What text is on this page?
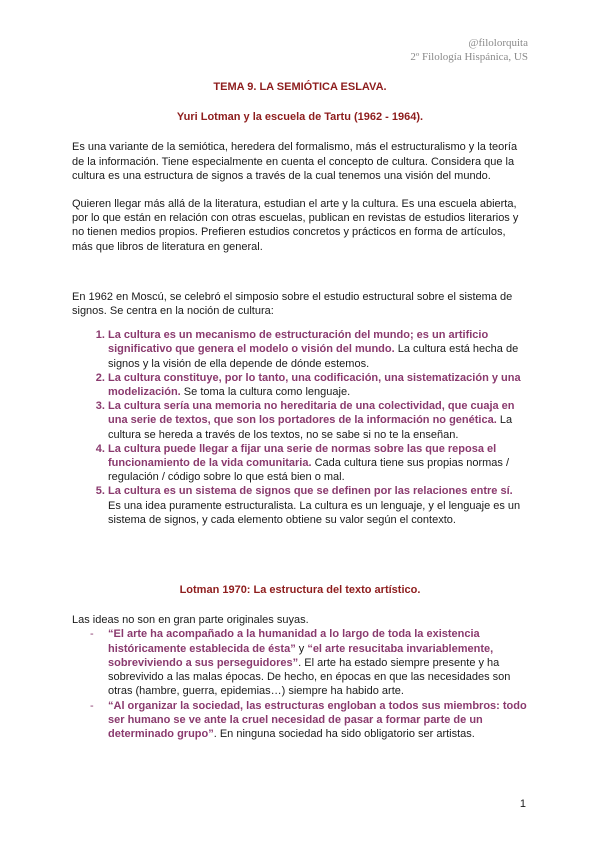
@filolorquita
2º Filología Hispánica, US
TEMA 9. LA SEMIÓTICA ESLAVA.
Yuri Lotman y la escuela de Tartu (1962 - 1964).

Es una variante de la semiótica, heredera del formalismo, más el estructuralismo y la teoría de la información. Tiene especialmente en cuenta el concepto de cultura. Considera que la cultura es una estructura de signos a través de la cual tenemos una visión del mundo.

Quieren llegar más allá de la literatura, estudian el arte y la cultura. Es una escuela abierta, por lo que están en relación con otras escuelas, publican en revistas de estudios literarios y no tienen medios propios. Prefieren estudios concretos y prácticos en forma de artículos, más que libros de literatura en general.

En 1962 en Moscú, se celebró el simposio sobre el estudio estructural sobre el sistema de signos. Se centra en la noción de cultura:

1. La cultura es un mecanismo de estructuración del mundo; es un artificio significativo que genera el modelo o visión del mundo. La cultura está hecha de signos y la visión de ella depende de dónde estemos.
2. La cultura constituye, por lo tanto, una codificación, una sistematización y una modelización. Se toma la cultura como lenguaje.
3. La cultura sería una memoria no hereditaria de una colectividad, que cuaja en una serie de textos, que son los portadores de la información no genética. La cultura se hereda a través de los textos, no se sabe si no te la enseñan.
4. La cultura puede llegar a fijar una serie de normas sobre las que reposa el funcionamiento de la vida comunitaria. Cada cultura tiene sus propias normas / regulación / código sobre lo que está bien o mal.
5. La cultura es un sistema de signos que se definen por las relaciones entre sí. Es una idea puramente estructuralista. La cultura es un lenguaje, y el lenguaje es un sistema de signos, y cada elemento obtiene su valor según el contexto.
Lotman 1970: La estructura del texto artístico.

Las ideas no son en gran parte originales suyas.

- “El arte ha acompañado a la humanidad a lo largo de toda la existencia históricamente establecida de ésta” y “el arte resucitaba invariablemente, sobreviviendo a sus perseguidores”. El arte ha estado siempre presente y ha sobrevivido a las malas épocas. De hecho, en épocas en que las necesidades son otras (hambre, guerra, epidemias…) siempre ha habido arte.
- “Al organizar la sociedad, las estructuras engloban a todos sus miembros: todo ser humano se ve ante la cruel necesidad de pasar a formar parte de un determinado grupo”. En ninguna sociedad ha sido obligatorio ser artistas.
1
